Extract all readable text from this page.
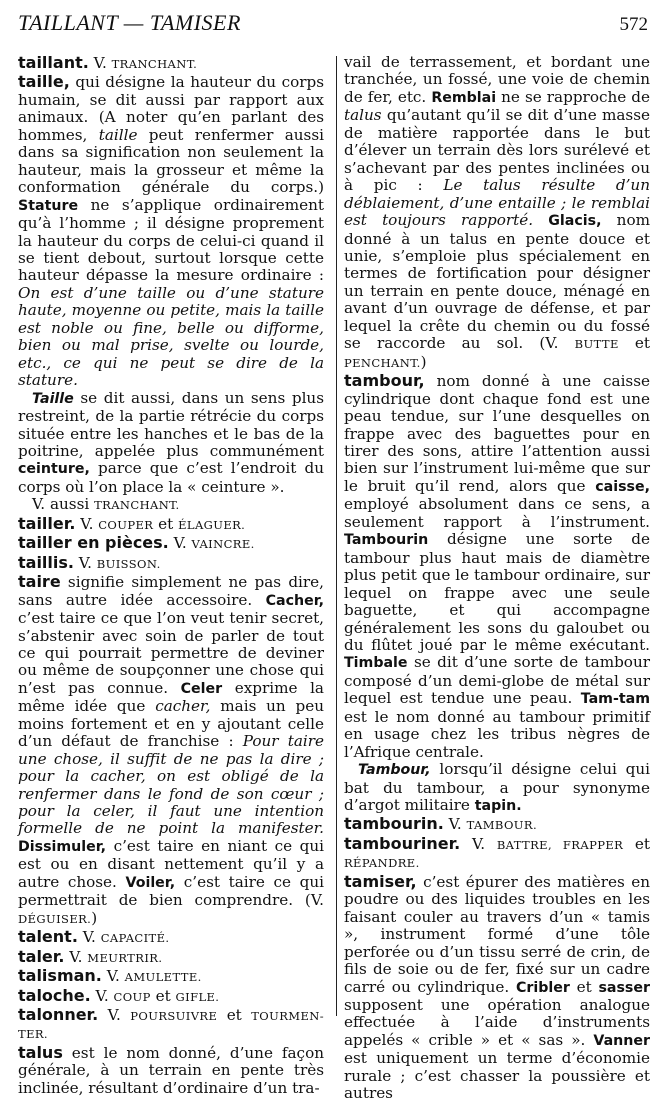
TAILLANT — TAMISER	572

taillant. V. TRANCHANT.

taille, qui désigne la hauteur du corps humain, se dit aussi par rapport aux animaux. (A noter qu’en parlant des hommes, taille peut renfermer aussi dans sa signification non seulement la hauteur, mais la grosseur et même la conformation générale du corps.) Stature ne s’applique ordinairement qu’à l’homme ; il désigne proprement la hauteur du corps de celui-ci quand il se tient debout, surtout lorsque cette hauteur dépasse la mesure ordinaire : On est d’une taille ou d’une stature haute, moyenne ou petite, mais la taille est noble ou fine, belle ou difforme, bien ou mal prise, svelte ou lourde, etc., ce qui ne peut se dire de la stature.

Taille se dit aussi, dans un sens plus restreint, de la partie rétrécie du corps située entre les hanches et le bas de la poitrine, appelée plus communément ceinture, parce que c’est l’endroit du corps où l’on place la « ceinture ».

V. aussi TRANCHANT.

tailler. V. COUPER et ÉLAGUER.

tailler en pièces. V. VAINCRE.

taillis. V. BUISSON.

taire signifie simplement ne pas dire, sans autre idée accessoire. Cacher, c’est taire ce que l’on veut tenir secret, s’abstenir avec soin de parler de tout ce qui pourrait permettre de deviner ou même de soupçonner une chose qui n’est pas connue. Celer exprime la même idée que cacher, mais un peu moins fortement et en y ajoutant celle d’un défaut de franchise : Pour taire une chose, il suffit de ne pas la dire ; pour la cacher, on est obligé de la renfermer dans le fond de son cœur ; pour la celer, il faut une intention formelle de ne point la manifester. Dissimuler, c’est taire en niant ce qui est ou en disant nettement qu’il y a autre chose. Voiler, c’est taire ce qui permettrait de bien comprendre. (V. DÉGUISER.)

talent. V. CAPACITÉ.

taler. V. MEURTRIR.

talisman. V. AMULETTE.

taloche. V. COUP et GIFLE.

talonner. V. POURSUIVRE et TOURMEN-TER.

talus est le nom donné, d’une façon générale, à un terrain en pente très inclinée, résultant d’ordinaire d’un tra-

vail de terrassement, et bordant une tranchée, un fossé, une voie de chemin de fer, etc. Remblai ne se rapproche de talus qu’autant qu’il se dit d’une masse de matière rapportée dans le but d’élever un terrain dès lors surélevé et s’achevant par des pentes inclinées ou à pic : Le talus résulte d’un déblaiement, d’une entaille ; le remblai est toujours rapporté. Glacis, nom donné à un talus en pente douce et unie, s’emploie plus spécialement en termes de fortification pour désigner un terrain en pente douce, ménagé en avant d’un ouvrage de défense, et par lequel la crête du chemin ou du fossé se raccorde au sol. (V. BUTTE et PENCHANT.)

tambour, nom donné à une caisse cylindrique dont chaque fond est une peau tendue, sur l’une desquelles on frappe avec des baguettes pour en tirer des sons, attire l’attention aussi bien sur l’instrument lui-même que sur le bruit qu’il rend, alors que caisse, employé absolument dans ce sens, a seulement rapport à l’instrument. Tambourin désigne une sorte de tambour plus haut mais de diamètre plus petit que le tambour ordinaire, sur lequel on frappe avec une seule baguette, et qui accompagne généralement les sons du galoubet ou du flûtet joué par le même exécutant. Timbale se dit d’une sorte de tambour composé d’un demi-globe de métal sur lequel est tendue une peau. Tam-tam est le nom donné au tambour primitif en usage chez les tribus nègres de l’Afrique centrale.

Tambour, lorsqu’il désigne celui qui bat du tambour, a pour synonyme d’argot militaire tapin.

tambourin. V. TAMBOUR.

tambouriner. V. BATTRE, FRAPPER et RÉPANDRE.

tamiser, c’est épurer des matières en poudre ou des liquides troubles en les faisant couler au travers d’un « tamis », instrument formé d’une tôle perforée ou d’un tissu serré de crin, de fils de soie ou de fer, fixé sur un cadre carré ou cylindrique. Cribler et sasser supposent une opération analogue effectuée à l’aide d’instruments appelés « crible » et « sas ». Vanner est uniquement un terme d’économie rurale ; c’est chasser la poussière et autres
